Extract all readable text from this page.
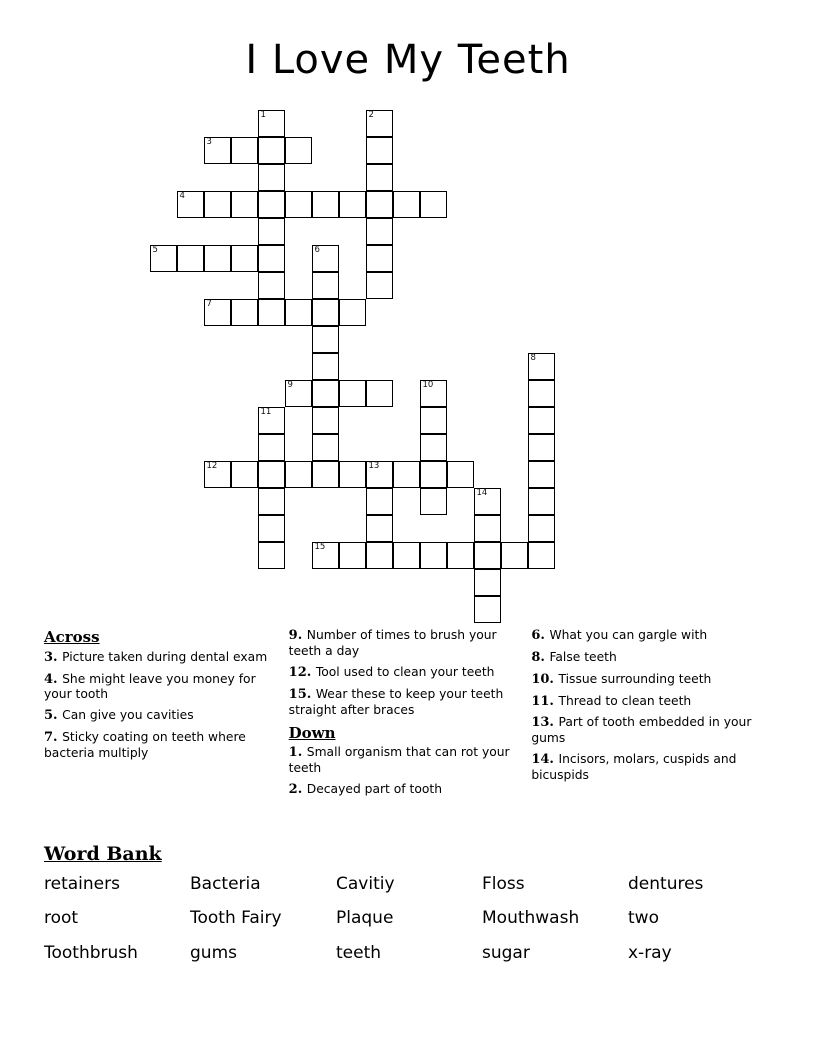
I Love My Teeth
1	2
3
4
5	6
7
8
9	10
11
12	13
14
15
Across

3. Picture taken during dental exam

4. She might leave you money for your tooth

5. Can give you cavities

7. Sticky coating on teeth where bacteria multiply

9. Number of times to brush your teeth a day

12. Tool used to clean your teeth

15. Wear these to keep your teeth straight after braces

Down

1. Small organism that can rot your teeth

2. Decayed part of tooth

6. What you can gargle with

8. False teeth

10. Tissue surrounding teeth

11. Thread to clean teeth

13. Part of tooth embedded in your gums

14. Incisors, molars, cuspids and bicuspids

Word Bank
retainers	Bacteria	Cavitiy	Floss	dentures
root	Tooth Fairy	Plaque	Mouthwash	two
Toothbrush	gums	teeth	sugar	x-ray
